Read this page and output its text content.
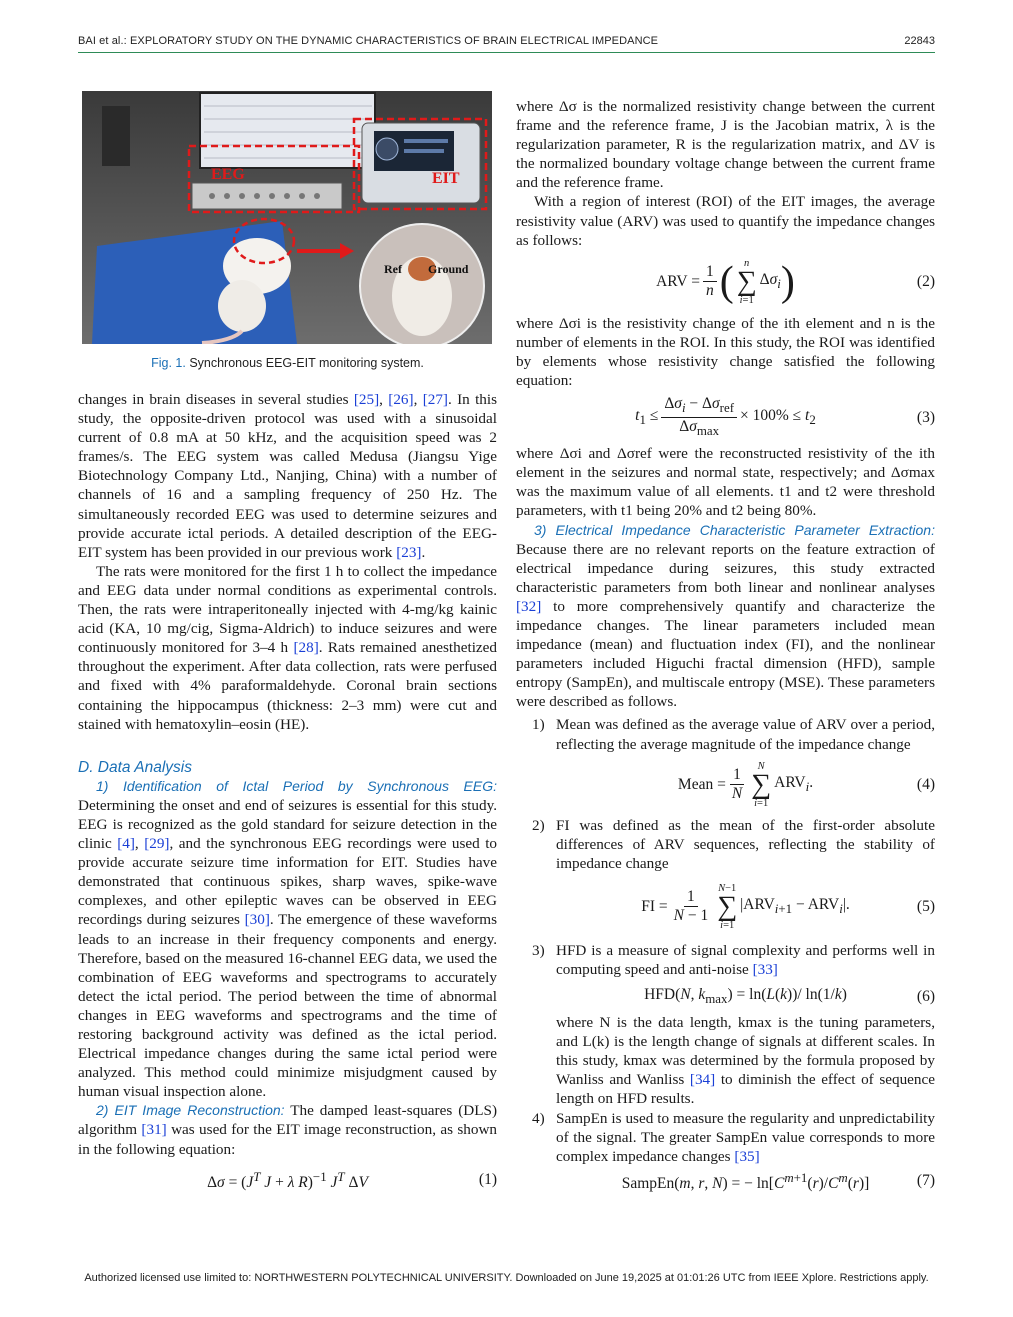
BAI et al.: EXPLORATORY STUDY ON THE DYNAMIC CHARACTERISTICS OF BRAIN ELECTRICAL IMPEDANCE	22843
EEG	EIT
Ref Ground
Fig. 1. Synchronous EEG-EIT monitoring system.

changes in brain diseases in several studies [25], [26], [27]. In this study, the opposite-driven protocol was used with a sinusoidal current of 0.8 mA at 50 kHz, and the acquisition speed was 2 frames/s. The EEG system was called Medusa (Jiangsu Yige Biotechnology Company Ltd., Nanjing, China) with a number of channels of 16 and a sampling frequency of 250 Hz. The simultaneously recorded EEG was used to determine seizures and provide accurate ictal periods. A detailed description of the EEG-EIT system has been provided in our previous work [23].

The rats were monitored for the first 1 h to collect the impedance and EEG data under normal conditions as experimental controls. Then, the rats were intraperitoneally injected with 4-mg/kg kainic acid (KA, 10 mg/cig, Sigma-Aldrich) to induce seizures and were continuously monitored for 3–4 h [28]. Rats remained anesthetized throughout the experiment. After data collection, rats were perfused and fixed with 4% paraformaldehyde. Coronal brain sections containing the hippocampus (thickness: 2–3 mm) were cut and stained with hematoxylin–eosin (HE).

D. Data Analysis

1) Identification of Ictal Period by Synchronous EEG: Determining the onset and end of seizures is essential for this study. EEG is recognized as the gold standard for seizure detection in the clinic [4], [29], and the synchronous EEG recordings were used to provide accurate seizure time information for EIT. Studies have demonstrated that continuous spikes, sharp waves, spike-wave complexes, and other epileptic waves can be observed in EEG recordings during seizures [30]. The emergence of these waveforms leads to an increase in their frequency components and energy. Therefore, based on the measured 16-channel EEG data, we used the combination of EEG waveforms and spectrograms to accurately detect the ictal period. The period between the time of abnormal changes in EEG waveforms and spectrograms and the time of restoring background activity was defined as the ictal period. Electrical impedance changes during the same ictal period were analyzed. This method could minimize misjudgment caused by human visual inspection alone.

2) EIT Image Reconstruction: The damped least-squares (DLS) algorithm [31] was used for the EIT image reconstruction, as shown in the following equation:

$\Delta\sigma = (J^T$ J + λ R)$^{-1}$ $J^T$ ΔV	(1)

where Δσ is the normalized resistivity change between the current frame and the reference frame, J is the Jacobian matrix, λ is the regularization parameter, R is the regularization matrix, and ΔV is the normalized boundary voltage change between the current frame and the reference frame.

With a region of interest (ROI) of the EIT images, the average resistivity value (ARV) was used to quantify the impedance changes as follows:

ARV = $\frac{1}{n}$ ( n
∑
i=1
$\Delta\sigma_i$ )	(2)

where Δσi is the resistivity change of the ith element and n is the number of elements in the ROI. In this study, the ROI was identified by elements whose resistivity change satisfied the following equation:

$t_1 \le \frac{\Delta\sigma_i - \Delta\sigma_{ref}}{\Delta\sigma_{max}} \times 100\% \le t_2$	(3)

where Δσi and Δσref were the reconstructed resistivity of the ith element in the seizures and normal state, respectively; and Δσmax was the maximum value of all elements. t1 and t2 were threshold parameters, with t1 being 20% and t2 being 80%.

3) Electrical Impedance Characteristic Parameter Extraction: Because there are no relevant reports on the feature extraction of electrical impedance during seizures, this study extracted characteristic parameters from both linear and nonlinear analyses [32] to more comprehensively quantify and characterize the impedance changes. The linear parameters included mean impedance (mean) and fluctuation index (FI), and the nonlinear parameters included Higuchi fractal dimension (HFD), sample entropy (SampEn), and multiscale entropy (MSE). These parameters were described as follows.

1) Mean was defined as the average value of ARV over a period, reflecting the average magnitude of the impedance change
Mean = $\frac{1}{N}$ N
∑
i=1
$ARV_i$.	(4)
2) FI was defined as the mean of the first-order absolute differences of ARV sequences, reflecting the stability of impedance change
FI = $\frac{1}{N - 1} N-1$
∑
i=1
$|ARV_{i+1} - ARV_i|$.	(5)
3) HFD is a measure of signal complexity and performs well in computing speed and anti-noise [33]
HFD(N, $k_{max}) = \ln(L(k))/$ ln(1/k)	(6)

where N is the data length, kmax is the tuning parameters, and L(k) is the length change of signals at different scales. In this study, kmax was determined by the formula proposed by Wanliss and Wanliss [34] to diminish the effect of sequence length on HFD results.

4) SampEn is used to measure the regularity and unpredictability of the signal. The greater SampEn value corresponds to more complex impedance changes [35]
SampEn(m, r, N) = − $\ln[C^{m+1}(r)/C^m(r)]$	(7)
Authorized licensed use limited to: NORTHWESTERN POLYTECHNICAL UNIVERSITY. Downloaded on June 19,2025 at 01:01:26 UTC from IEEE Xplore. Restrictions apply.
